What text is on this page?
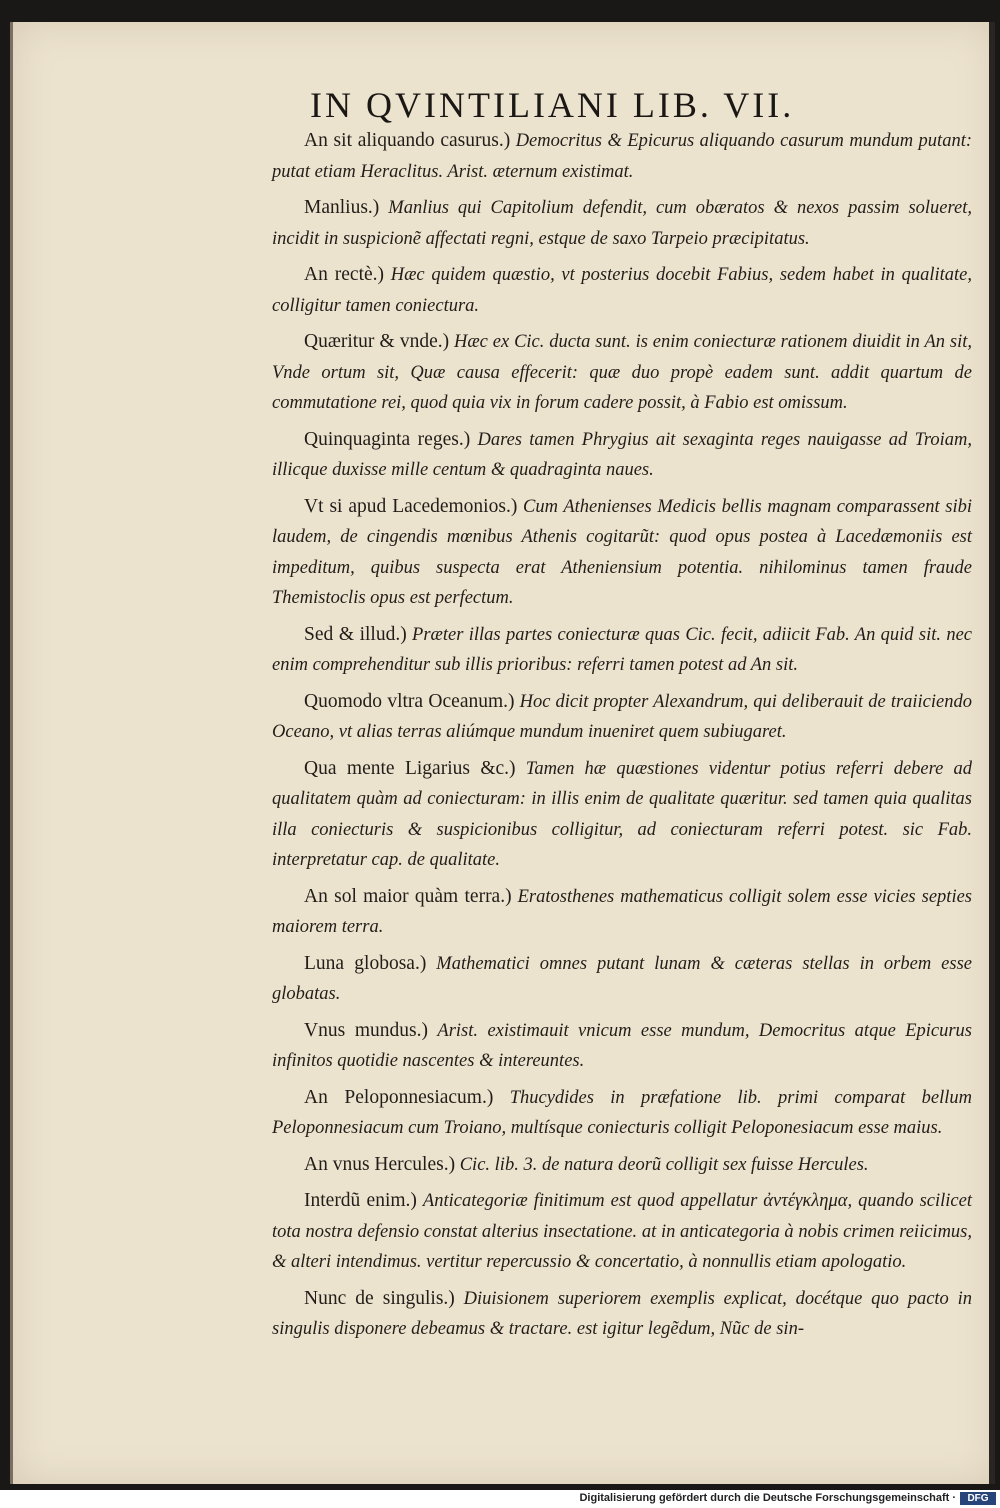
IN QVINTILIANI LIB. VII.

An sit aliquando casurus.) Democritus & Epicurus aliquando casurum mundum putant: putat etiam Heraclitus. Arist. æternum existimat.

Manlius.) Manlius qui Capitolium defendit, cum obæratos & nexos passim solueret, incidit in suspicionẽ affectati regni, estque de saxo Tarpeio præcipitatus.

An rectè.) Hæc quidem quæstio, vt posterius docebit Fabius, sedem habet in qualitate, colligitur tamen coniectura.

Quæritur & vnde.) Hæc ex Cic. ducta sunt. is enim coniecturæ rationem diuidit in An sit, Vnde ortum sit, Quæ causa effecerit: quæ duo propè eadem sunt. addit quartum de commutatione rei, quod quia vix in forum cadere possit, à Fabio est omissum.

Quinquaginta reges.) Dares tamen Phrygius ait sexaginta reges nauigasse ad Troiam, illicque duxisse mille centum & quadraginta naues.

Vt si apud Lacedemonios.) Cum Athenienses Medicis bellis magnam comparassent sibi laudem, de cingendis mœnibus Athenis cogitarũt: quod opus postea à Lacedæmoniis est impeditum, quibus suspecta erat Atheniensium potentia. nihilominus tamen fraude Themistoclis opus est perfectum.

Sed & illud.) Præter illas partes coniecturæ quas Cic. fecit, adiicit Fab. An quid sit. nec enim comprehenditur sub illis prioribus: referri tamen potest ad An sit.

Quomodo vltra Oceanum.) Hoc dicit propter Alexandrum, qui deliberauit de traiiciendo Oceano, vt alias terras aliúmque mundum inueniret quem subiugaret.

Qua mente Ligarius &c.) Tamen hæ quæstiones videntur potius referri debere ad qualitatem quàm ad coniecturam: in illis enim de qualitate quæritur. sed tamen quia qualitas illa coniecturis & suspicionibus colligitur, ad coniecturam referri potest. sic Fab. interpretatur cap. de qualitate.

An sol maior quàm terra.) Eratosthenes mathematicus colligit solem esse vicies septies maiorem terra.

Luna globosa.) Mathematici omnes putant lunam & cæteras stellas in orbem esse globatas.

Vnus mundus.) Arist. existimauit vnicum esse mundum, Democritus atque Epicurus infinitos quotidie nascentes & intereuntes.

An Peloponnesiacum.) Thucydides in præfatione lib. primi comparat bellum Peloponnesiacum cum Troiano, multísque coniecturis colligit Peloponesiacum esse maius.

An vnus Hercules.) Cic. lib. 3. de natura deorũ colligit sex fuisse Hercules.

Interdũ enim.) Anticategoriæ finitimum est quod appellatur ἀντέγκλημα, quando scilicet tota nostra defensio constat alterius insectatione. at in anticategoria à nobis crimen reiicimus, & alteri intendimus. vertitur repercussio & concertatio, à nonnullis etiam apologatio.

Nunc de singulis.) Diuisionem superiorem exemplis explicat, docétque quo pacto in singulis disponere debeamus & tractare. est igitur legẽdum, Nũc de sin-

Digitalisierung gefördert durch die Deutsche Forschungsgemeinschaft ·	DFG
